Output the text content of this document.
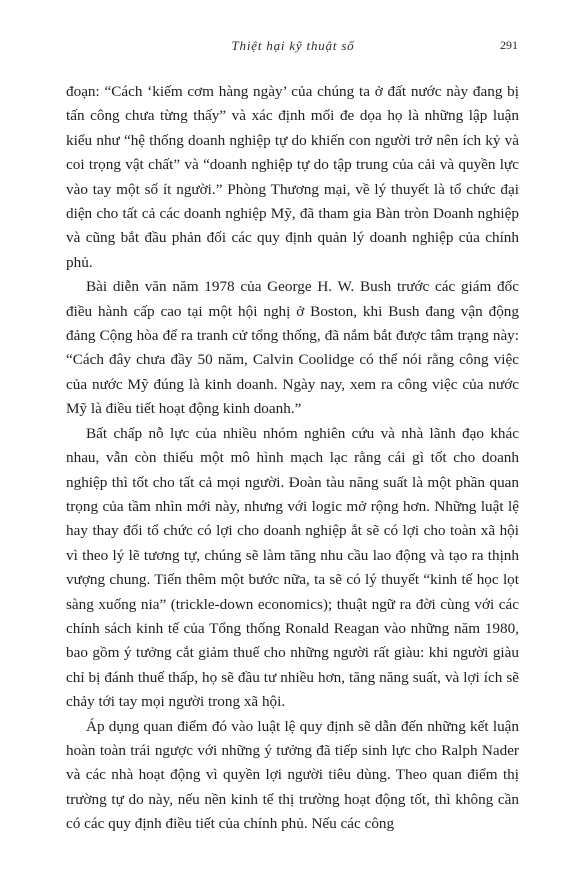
Thiệt hại kỹ thuật số	291

đoạn: “Cách ‘kiếm cơm hàng ngày’ của chúng ta ở đất nước này đang bị tấn công chưa từng thấy” và xác định mối đe dọa họ là những lập luận kiểu như “hệ thống doanh nghiệp tự do khiến con người trở nên ích kỷ và coi trọng vật chất” và “doanh nghiệp tự do tập trung của cải và quyền lực vào tay một số ít người.” Phòng Thương mại, về lý thuyết là tổ chức đại diện cho tất cả các doanh nghiệp Mỹ, đã tham gia Bàn tròn Doanh nghiệp và cũng bắt đầu phản đối các quy định quản lý doanh nghiệp của chính phủ.

Bài diễn văn năm 1978 của George H. W. Bush trước các giám đốc điều hành cấp cao tại một hội nghị ở Boston, khi Bush đang vận động đảng Cộng hòa để ra tranh cử tổng thống, đã nắm bắt được tâm trạng này: “Cách đây chưa đầy 50 năm, Calvin Coolidge có thể nói rằng công việc của nước Mỹ đúng là kinh doanh. Ngày nay, xem ra công việc của nước Mỹ là điều tiết hoạt động kinh doanh.”

Bất chấp nỗ lực của nhiều nhóm nghiên cứu và nhà lãnh đạo khác nhau, vẫn còn thiếu một mô hình mạch lạc rằng cái gì tốt cho doanh nghiệp thì tốt cho tất cả mọi người. Đoàn tàu năng suất là một phần quan trọng của tầm nhìn mới này, nhưng với logic mở rộng hơn. Những luật lệ hay thay đổi tổ chức có lợi cho doanh nghiệp ắt sẽ có lợi cho toàn xã hội vì theo lý lẽ tương tự, chúng sẽ làm tăng nhu cầu lao động và tạo ra thịnh vượng chung. Tiến thêm một bước nữa, ta sẽ có lý thuyết “kinh tế học lọt sàng xuống nia” (trickle-down economics); thuật ngữ ra đời cùng với các chính sách kinh tế của Tổng thống Ronald Reagan vào những năm 1980, bao gồm ý tưởng cắt giảm thuế cho những người rất giàu: khi người giàu chỉ bị đánh thuế thấp, họ sẽ đầu tư nhiều hơn, tăng năng suất, và lợi ích sẽ chảy tới tay mọi người trong xã hội.

Áp dụng quan điểm đó vào luật lệ quy định sẽ dẫn đến những kết luận hoàn toàn trái ngược với những ý tưởng đã tiếp sinh lực cho Ralph Nader và các nhà hoạt động vì quyền lợi người tiêu dùng. Theo quan điểm thị trường tự do này, nếu nền kinh tế thị trường hoạt động tốt, thì không cần có các quy định điều tiết của chính phủ. Nếu các công
